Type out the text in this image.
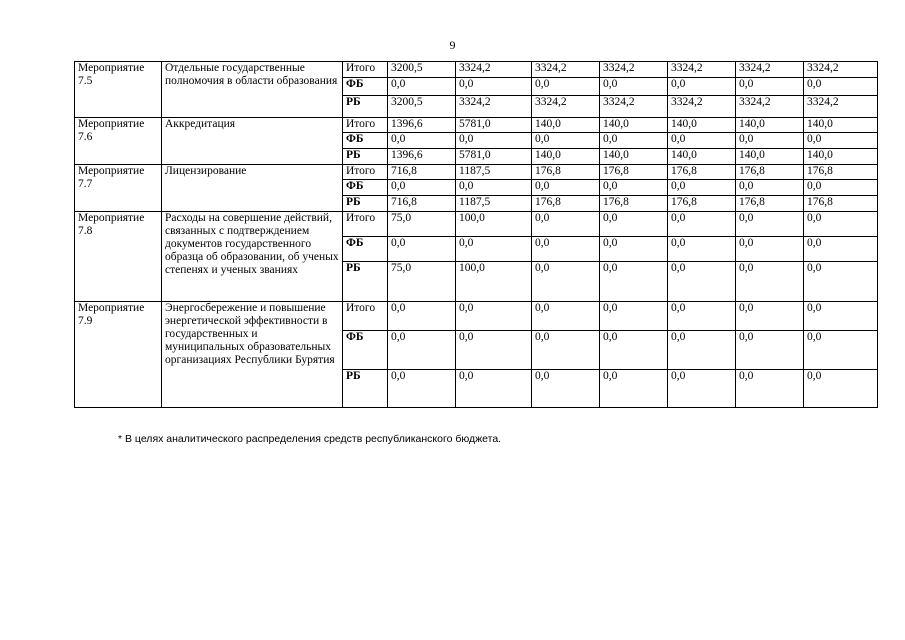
9
Мероприятие 7.5	Отдельные государственные полномочия в области образования	Итого	3200,5	3324,2	3324,2	3324,2	3324,2	3324,2	3324,2
		ФБ	0,0	0,0	0,0	0,0	0,0	0,0	0,0
		РБ	3200,5	3324,2	3324,2	3324,2	3324,2	3324,2	3324,2
Мероприятие 7.6	Аккредитация	Итого	1396,6	5781,0	140,0	140,0	140,0	140,0	140,0
		ФБ	0,0	0,0	0,0	0,0	0,0	0,0	0,0
		РБ	1396,6	5781,0	140,0	140,0	140,0	140,0	140,0
Мероприятие 7.7	Лицензирование	Итого	716,8	1187,5	176,8	176,8	176,8	176,8	176,8
		ФБ	0,0	0,0	0,0	0,0	0,0	0,0	0,0
		РБ	716,8	1187,5	176,8	176,8	176,8	176,8	176,8
Мероприятие 7.8	Расходы на совершение действий, связанных с подтверждением документов государственного образца об образовании, об ученых степенях и ученых званиях	Итого	75,0	100,0	0,0	0,0	0,0	0,0	0,0
		ФБ	0,0	0,0	0,0	0,0	0,0	0,0	0,0
		РБ	75,0	100,0	0,0	0,0	0,0	0,0	0,0
Мероприятие 7.9	Энергосбережение и повышение энергетической эффективности в государственных и муниципальных образовательных организациях Республики Бурятия	Итого	0,0	0,0	0,0	0,0	0,0	0,0	0,0
		ФБ	0,0	0,0	0,0	0,0	0,0	0,0	0,0
		РБ	0,0	0,0	0,0	0,0	0,0	0,0	0,0
* В целях аналитического распределения средств республиканского бюджета.
